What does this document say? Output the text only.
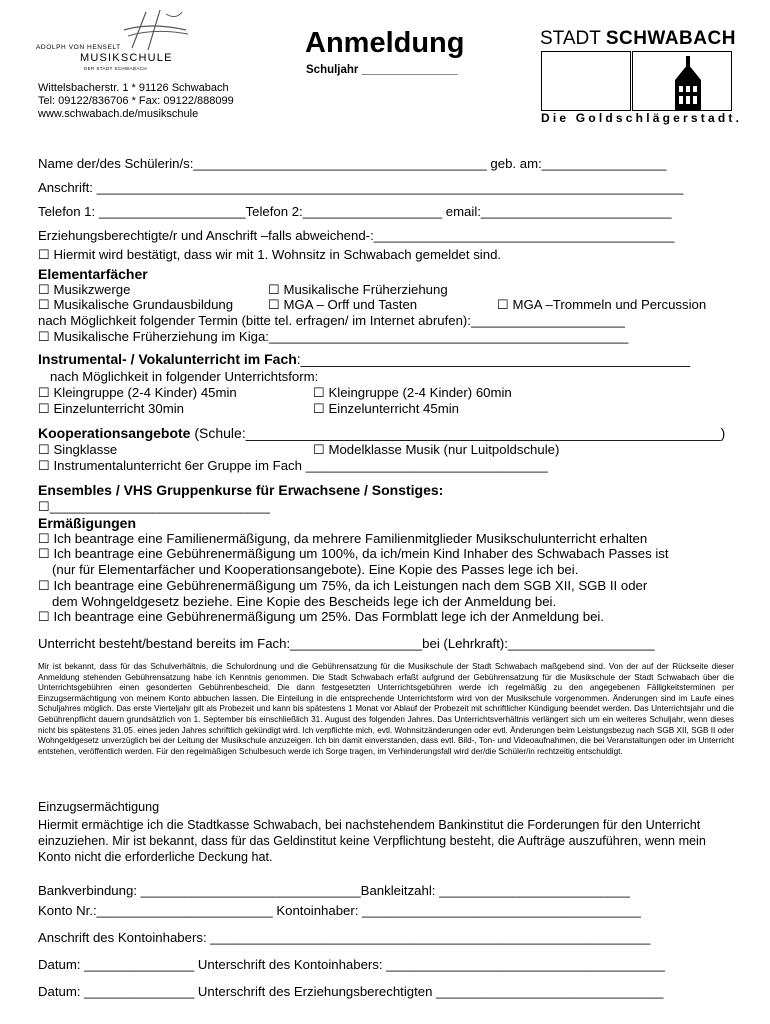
ADOLPH VON HENSELT
MUSIKSCHULE
DER STADT SCHWABACH
Wittelsbacherstr. 1 * 91126 Schwabach
Tel: 09122/836706 * Fax: 09122/888099
www.schwabach.de/musikschule
Anmeldung
Schuljahr _______________
STADT SCHWABACH
Die Goldschlägerstadt.
Name der/des Schülerin/s:________________________________________ geb. am:_________________
Anschrift: ________________________________________________________________________________
Telefon 1: ____________________Telefon 2:___________________ email:__________________________
Erziehungsberechtigte/r und Anschrift –falls abweichend-:_________________________________________
☐ Hiermit wird bestätigt, dass wir mit 1. Wohnsitz in Schwabach gemeldet sind.
Elementarfächer
☐ Musikzwerge	☐ Musikalische Früherziehung
☐ Musikalische Grundausbildung	☐ MGA – Orff und Tasten	☐ MGA –Trommeln und Percussion
nach Möglichkeit folgender Termin (bitte tel. erfragen/ im Internet abrufen):_____________________
☐ Musikalische Früherziehung im Kiga:_________________________________________________
Instrumental- / Vokalunterricht im Fach:__________________________________________________
nach Möglichkeit in folgender Unterrichtsform:
☐ Kleingruppe (2-4 Kinder) 45min	☐ Kleingruppe (2-4 Kinder) 60min
☐ Einzelunterricht 30min	☐ Einzelunterricht 45min
Kooperationsangebote (Schule:_____________________________________________________________)
☐ Singklasse	☐ Modelklasse Musik (nur Luitpoldschule)
☐ Instrumentalunterricht 6er Gruppe im Fach _________________________________
Ensembles / VHS Gruppenkurse für Erwachsene / Sonstiges:
☐______________________________
Ermäßigungen
☐ Ich beantrage eine Familienermäßigung, da mehrere Familienmitglieder Musikschulunterricht erhalten
☐ Ich beantrage eine Gebührenermäßigung um 100%, da ich/mein Kind Inhaber des Schwabach Passes ist
(nur für Elementarfächer und Kooperationsangebote). Eine Kopie des Passes lege ich bei.
☐ Ich beantrage eine Gebührenermäßigung um 75%, da ich Leistungen nach dem SGB XII, SGB II oder
dem Wohngeldgesetz beziehe. Eine Kopie des Bescheids lege ich der Anmeldung bei.
☐ Ich beantrage eine Gebührenermäßigung um 25%. Das Formblatt lege ich der Anmeldung bei.
Unterricht besteht/bestand bereits im Fach:__________________bei (Lehrkraft):____________________
Mir ist bekannt, dass für das Schulverhältnis, die Schulordnung und die Gebührensatzung für die Musikschule der Stadt Schwabach maßgebend sind. Von der auf der Rückseite dieser Anmeldung stehenden Gebührensatzung habe ich Kenntnis genommen. Die Stadt Schwabach erfaßt aufgrund der Gebührensatzung für die Musikschule der Stadt Schwabach über die Unterrichtsgebühren einen gesonderten Gebührenbescheid. Die dann festgesetzten Unterrichtsgebühren werde ich regelmäßig zu den angegebenen Fälligkeitsterminen per Einzugsermächtigung von meinem Konto abbuchen lassen. Die Einteilung in die entsprechende Unterrichtsform wird von der Musikschule vorgenommen. Änderungen sind im Laufe eines Schuljahres möglich. Das erste Vierteljahr gilt als Probezeit und kann bis spätestens 1 Monat vor Ablauf der Probezeit mit schriftlicher Kündigung beendet werden. Das Unterrichtsjahr und die Gebührenpflicht dauern grundsätzlich von 1. September bis einschließlich 31. August des folgenden Jahres. Das Unterrichtsverhältnis verlängert sich um ein weiteres Schuljahr, wenn dieses nicht bis spätestens 31.05. eines jeden Jahres schriftlich gekündigt wird. Ich verpflichte mich, evtl. Wohnsitzänderungen oder evtl. Änderungen beim Leistungsbezug nach SGB XII, SGB II oder Wohngeldgesetz unverzüglich bei der Leitung der Musikschule anzuzeigen. Ich bin damit einverstanden, dass evtl. Bild-, Ton- und Videoaufnahmen, die bei Veranstaltungen oder im Unterricht entstehen, veröffentlich werden. Für den regelmäßigen Schulbesuch werde ich Sorge tragen, im Verhinderungsfall wird der/die Schüler/in rechtzeitig entschuldigt.
Einzugsermächtigung
Hiermit ermächtige ich die Stadtkasse Schwabach, bei nachstehendem Bankinstitut die Forderungen für den Unterricht
einzuziehen. Mir ist bekannt, dass für das Geldinstitut keine Verpflichtung besteht, die Aufträge auszuführen, wenn mein
Konto nicht die erforderliche Deckung hat.
Bankverbindung: ______________________________Bankleitzahl: __________________________
Konto Nr.:________________________ Kontoinhaber: ______________________________________
Anschrift des Kontoinhabers: ____________________________________________________________
Datum: _______________ Unterschrift des Kontoinhabers: ______________________________________
Datum: _______________ Unterschrift des Erziehungsberechtigten _______________________________
